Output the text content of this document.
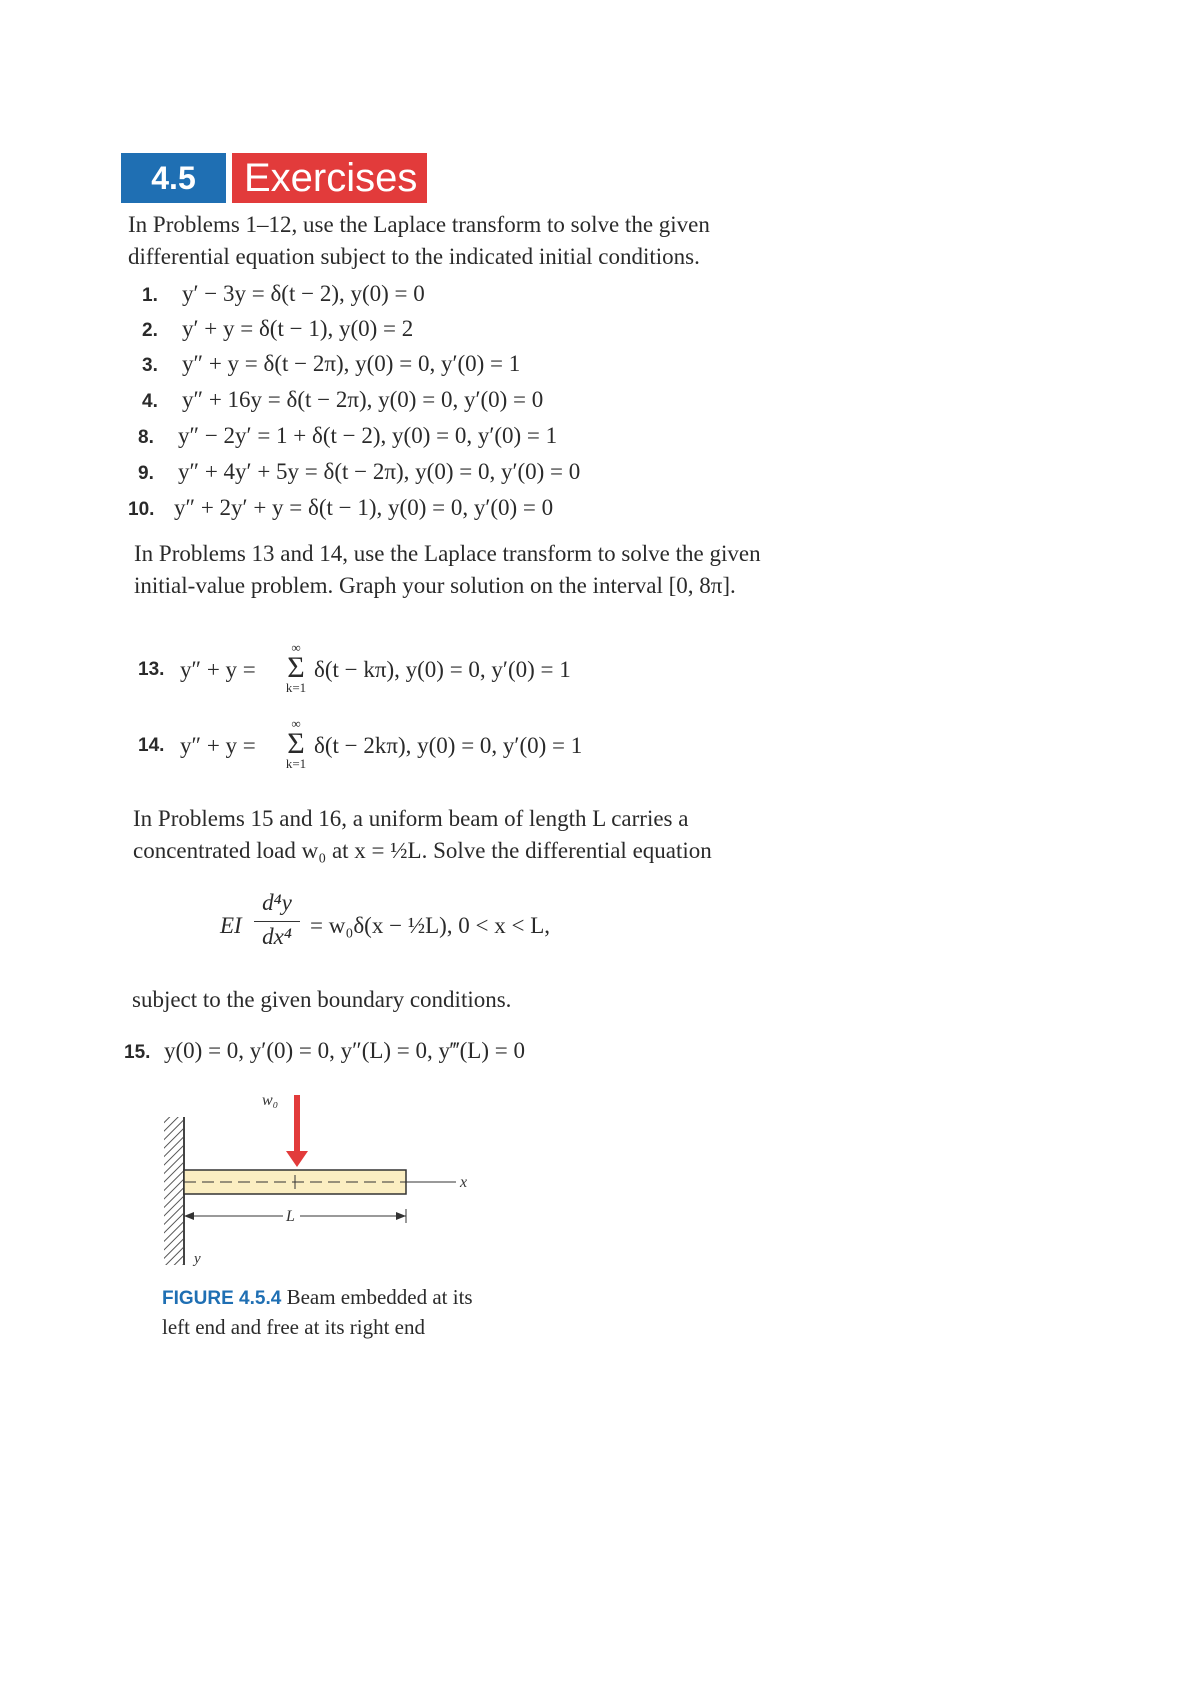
4.5	Exercises
In Problems 1–12, use the Laplace transform to solve the given differential equation subject to the indicated initial conditions.
1. y′ − 3y = δ(t − 2), y(0) = 0
2. y′ + y = δ(t − 1), y(0) = 2
3. y″ + y = δ(t − 2π), y(0) = 0, y′(0) = 1
4. y″ + 16y = δ(t − 2π), y(0) = 0, y′(0) = 0
8. y″ − 2y′ = 1 + δ(t − 2), y(0) = 0, y′(0) = 1
9. y″ + 4y′ + 5y = δ(t − 2π), y(0) = 0, y′(0) = 0
10. y″ + 2y′ + y = δ(t − 1), y(0) = 0, y′(0) = 0
In Problems 13 and 14, use the Laplace transform to solve the given initial-value problem. Graph your solution on the interval [0, 8π].
13. y″ + y =
∞
Σ
k=1
δ(t − kπ), y(0) = 0, y′(0) = 1
14. y″ + y =
∞
Σ
k=1
δ(t − 2kπ), y(0) = 0, y′(0) = 1
In Problems 15 and 16, a uniform beam of length L carries a concentrated load w₀ at x = ½L. Solve the differential equation
EI
d⁴y
dx⁴ = w₀δ(x − ½L), 0 < x < L,
subject to the given boundary conditions.
15. y(0) = 0, y′(0) = 0, y″(L) = 0, y‴(L) = 0
x
w₀
L
y
FIGURE 4.5.4 Beam embedded at its left end and free at its right end
